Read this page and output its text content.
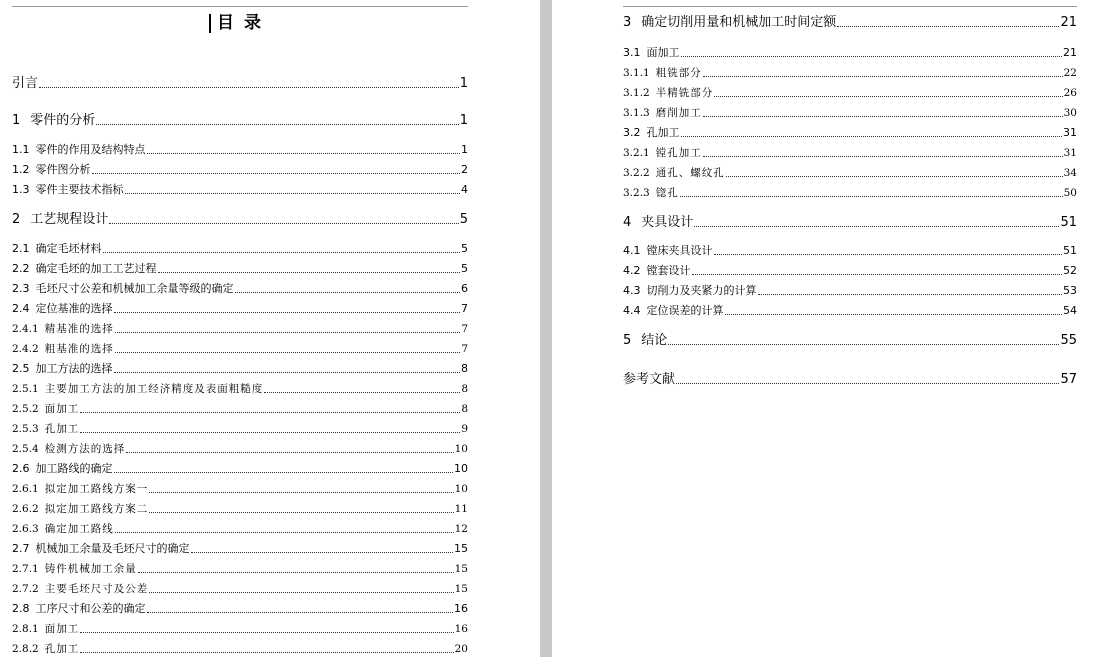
目 录
引言	1
1 零件的分析	1
1.1 零件的作用及结构特点	1
1.2 零件图分析	2
1.3 零件主要技术指标	4
2 工艺规程设计	5
2.1 确定毛坯材料	5
2.2 确定毛坯的加工工艺过程	5
2.3 毛坯尺寸公差和机械加工余量等级的确定	6
2.4 定位基准的选择	7
2.4.1 精基准的选择	7
2.4.2 粗基准的选择	7
2.5 加工方法的选择	8
2.5.1 主要加工方法的加工经济精度及表面粗糙度	8
2.5.2 面加工	8
2.5.3 孔加工	9
2.5.4 检测方法的选择	10
2.6 加工路线的确定	10
2.6.1 拟定加工路线方案一	10
2.6.2 拟定加工路线方案二	11
2.6.3 确定加工路线	12
2.7 机械加工余量及毛坯尺寸的确定	15
2.7.1 铸件机械加工余量	15
2.7.2 主要毛坯尺寸及公差	15
2.8 工序尺寸和公差的确定	16
2.8.1 面加工	16
2.8.2 孔加工	20
3 确定切削用量和机械加工时间定额	21
3.1 面加工	21
3.1.1 粗铣部分	22
3.1.2 半精铣部分	26
3.1.3 磨削加工	30
3.2 孔加工	31
3.2.1 镗孔加工	31
3.2.2 通孔、螺纹孔	34
3.2.3 锪孔	50
4 夹具设计	51
4.1 镗床夹具设计	51
4.2 镗套设计	52
4.3 切削力及夹紧力的计算	53
4.4 定位误差的计算	54
5 结论	55
参考文献	57
